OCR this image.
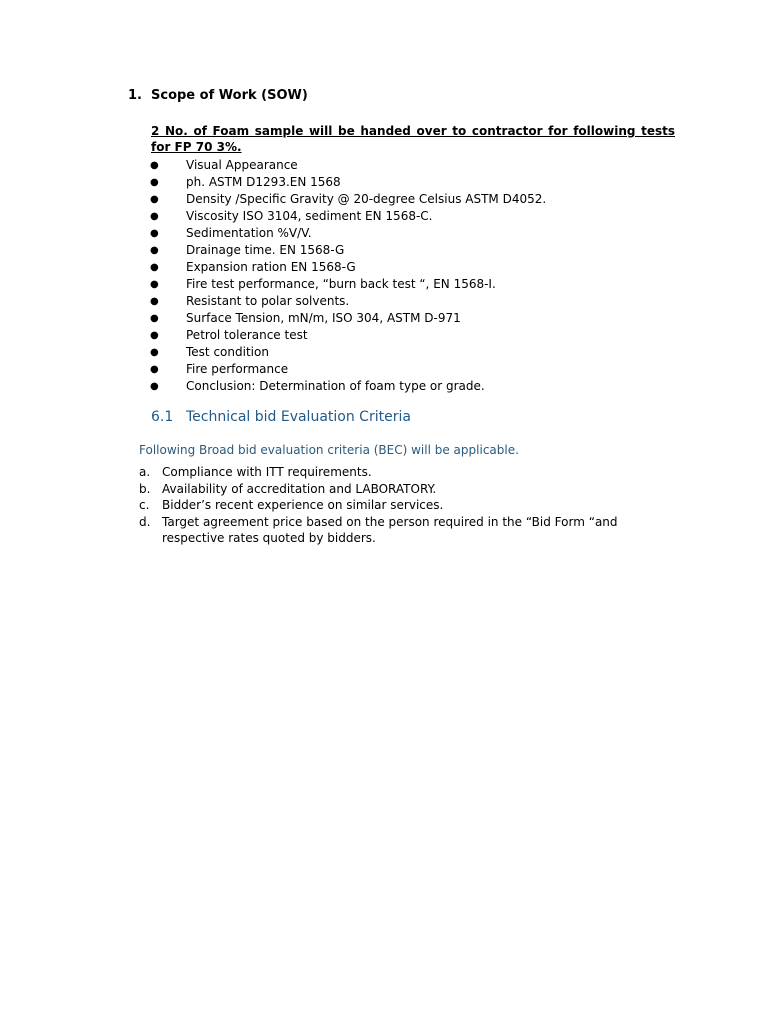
1. Scope of Work (SOW)
2 No. of Foam sample will be handed over to contractor for following tests for FP 70 3%.
● Visual Appearance
● ph. ASTM D1293.EN 1568
● Density /Specific Gravity @ 20-degree Celsius ASTM D4052.
● Viscosity ISO 3104, sediment EN 1568-C.
● Sedimentation %V/V.
● Drainage time. EN 1568-G
● Expansion ration EN 1568-G
● Fire test performance, “burn back test “, EN 1568-I.
● Resistant to polar solvents.
● Surface Tension, mN/m, ISO 304, ASTM D-971
● Petrol tolerance test
● Test condition
● Fire performance
● Conclusion: Determination of foam type or grade.
6.1 Technical bid Evaluation Criteria
Following Broad bid evaluation criteria (BEC) will be applicable.
a. Compliance with ITT requirements.
b. Availability of accreditation and LABORATORY.
c. Bidder’s recent experience on similar services.
d. Target agreement price based on the person required in the “Bid Form “and respective rates quoted by bidders.
